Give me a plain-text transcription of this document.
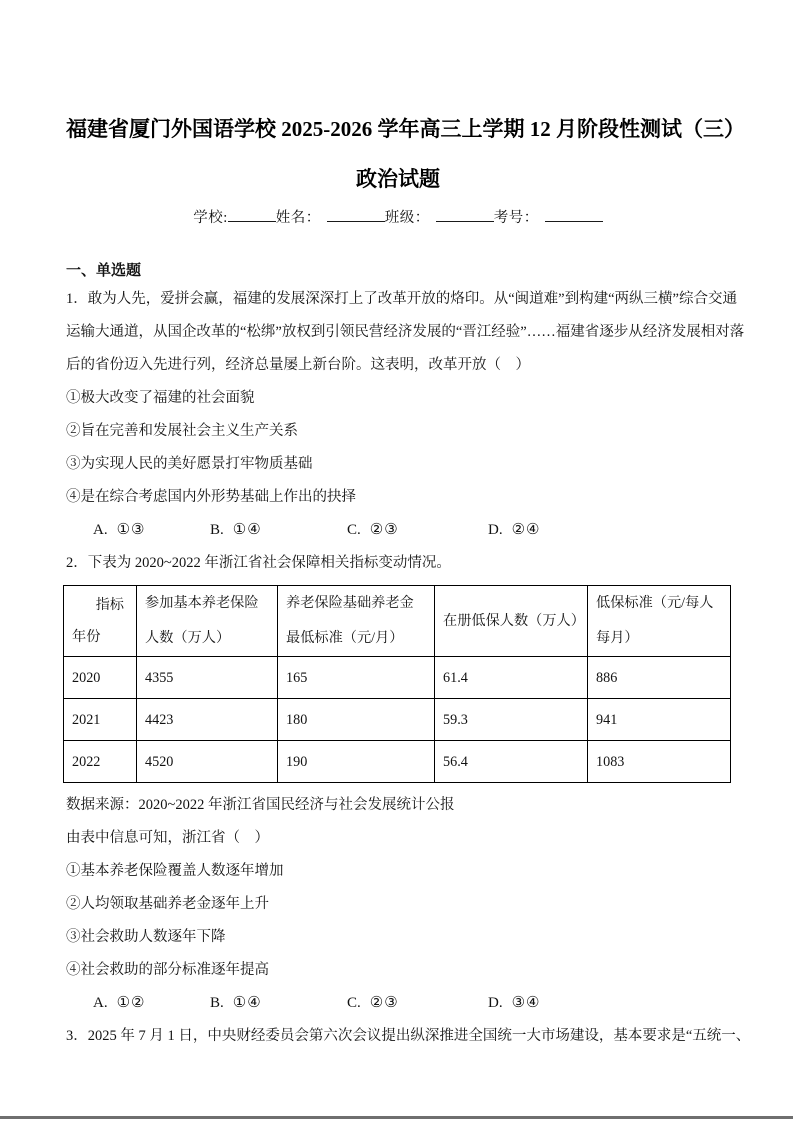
福建省厦门外国语学校 2025-2026 学年高三上学期 12 月阶段性测试（三）
政治试题
学校:	姓名：	班级：	考号：
一、单选题
1．敢为人先，爱拼会赢，福建的发展深深打上了改革开放的烙印。从“闽道难”到构建“两纵三横”综合交通
运输大通道，从国企改革的“松绑”放权到引领民营经济发展的“晋江经验”……福建省逐步从经济发展相对落
后的省份迈入先进行列，经济总量屡上新台阶。这表明，改革开放（　）
①极大改变了福建的社会面貌
②旨在完善和发展社会主义生产关系
③为实现人民的美好愿景打牢物质基础
④是在综合考虑国内外形势基础上作出的抉择
A. ①③	B. ①④	C. ②③	D. ②④
2．下表为 2020~2022 年浙江省社会保障相关指标变动情况。
指标
年份	参加基本养老保险人数（万人）	养老保险基础养老金最低标准（元/月）	在册低保人数（万人）	低保标准（元/每人每月）
2020	4355	165	61.4	886
2021	4423	180	59.3	941
2022	4520	190	56.4	1083
数据来源：2020~2022 年浙江省国民经济与社会发展统计公报
由表中信息可知，浙江省（　）
①基本养老保险覆盖人数逐年增加
②人均领取基础养老金逐年上升
③社会救助人数逐年下降
④社会救助的部分标准逐年提高
A. ①②	B. ①④	C. ②③	D. ③④
3．2025 年 7 月 1 日，中央财经委员会第六次会议提出纵深推进全国统一大市场建设，基本要求是“五统一、
